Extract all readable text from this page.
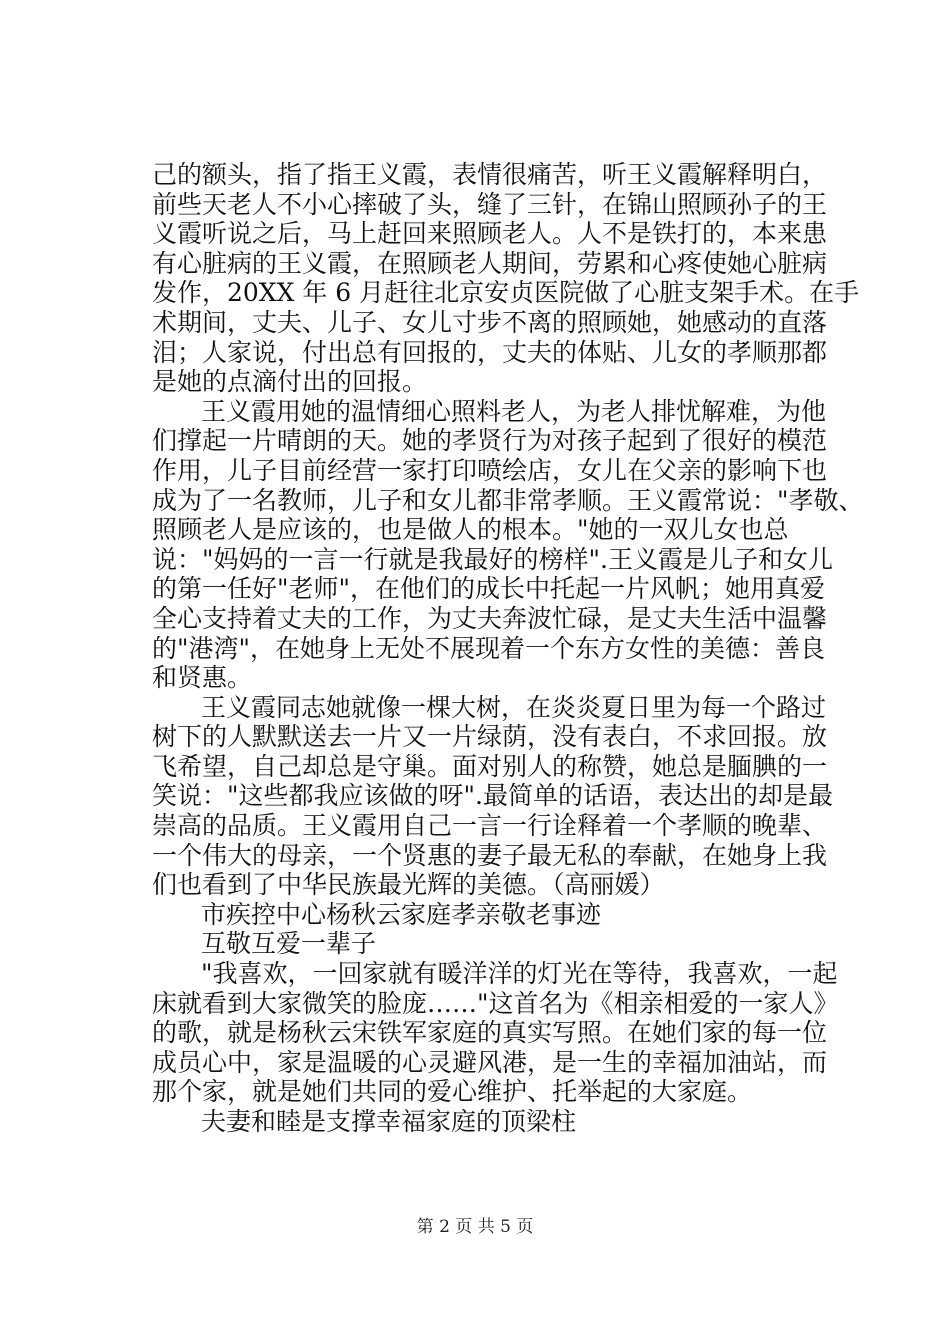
己的额头，指了指王义霞，表情很痛苦，听王义霞解释明白，
前些天老人不小心摔破了头，缝了三针，在锦山照顾孙子的王
义霞听说之后，马上赶回来照顾老人。人不是铁打的，本来患
有心脏病的王义霞，在照顾老人期间，劳累和心疼使她心脏病
发作，20XX 年 6 月赶往北京安贞医院做了心脏支架手术。在手
术期间，丈夫、儿子、女儿寸步不离的照顾她，她感动的直落
泪；人家说，付出总有回报的，丈夫的体贴、儿女的孝顺那都
是她的点滴付出的回报。
王义霞用她的温情细心照料老人，为老人排忧解难，为他
们撑起一片晴朗的天。她的孝贤行为对孩子起到了很好的模范
作用，儿子目前经营一家打印喷绘店，女儿在父亲的影响下也
成为了一名教师，儿子和女儿都非常孝顺。王义霞常说："孝敬、
照顾老人是应该的，也是做人的根本。"她的一双儿女也总
说："妈妈的一言一行就是我最好的榜样".王义霞是儿子和女儿
的第一任好"老师"，在他们的成长中托起一片风帆；她用真爱
全心支持着丈夫的工作，为丈夫奔波忙碌，是丈夫生活中温馨
的"港湾"，在她身上无处不展现着一个东方女性的美德：善良
和贤惠。
王义霞同志她就像一棵大树，在炎炎夏日里为每一个路过
树下的人默默送去一片又一片绿荫，没有表白，不求回报。放
飞希望，自己却总是守巢。面对别人的称赞，她总是腼腆的一
笑说："这些都我应该做的呀".最简单的话语，表达出的却是最
崇高的品质。王义霞用自己一言一行诠释着一个孝顺的晚辈、
一个伟大的母亲，一个贤惠的妻子最无私的奉献，在她身上我
们也看到了中华民族最光辉的美德。（高丽媛）
市疾控中心杨秋云家庭孝亲敬老事迹
互敬互爱一辈子
"我喜欢，一回家就有暖洋洋的灯光在等待，我喜欢，一起
床就看到大家微笑的脸庞……"这首名为《相亲相爱的一家人》
的歌，就是杨秋云宋铁军家庭的真实写照。在她们家的每一位
成员心中，家是温暖的心灵避风港，是一生的幸福加油站，而
那个家，就是她们共同的爱心维护、托举起的大家庭。
夫妻和睦是支撑幸福家庭的顶梁柱
第 2 页 共 5 页
